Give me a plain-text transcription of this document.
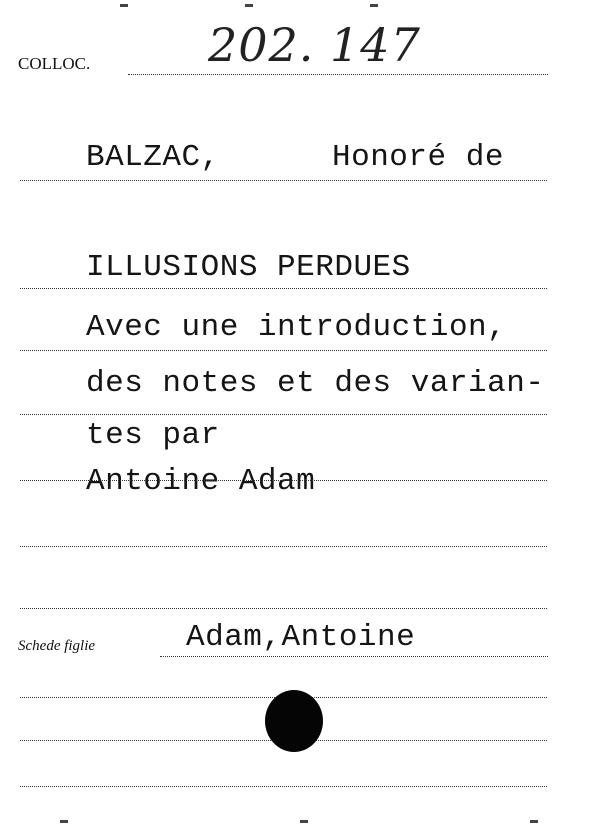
COLLOC.	202. 147
BALZAC,	Honoré de
ILLUSIONS PERDUES
Avec une introduction,
des notes et des varian-
tes par
Antoine Adam
Schede figlie	Adam,Antoine
